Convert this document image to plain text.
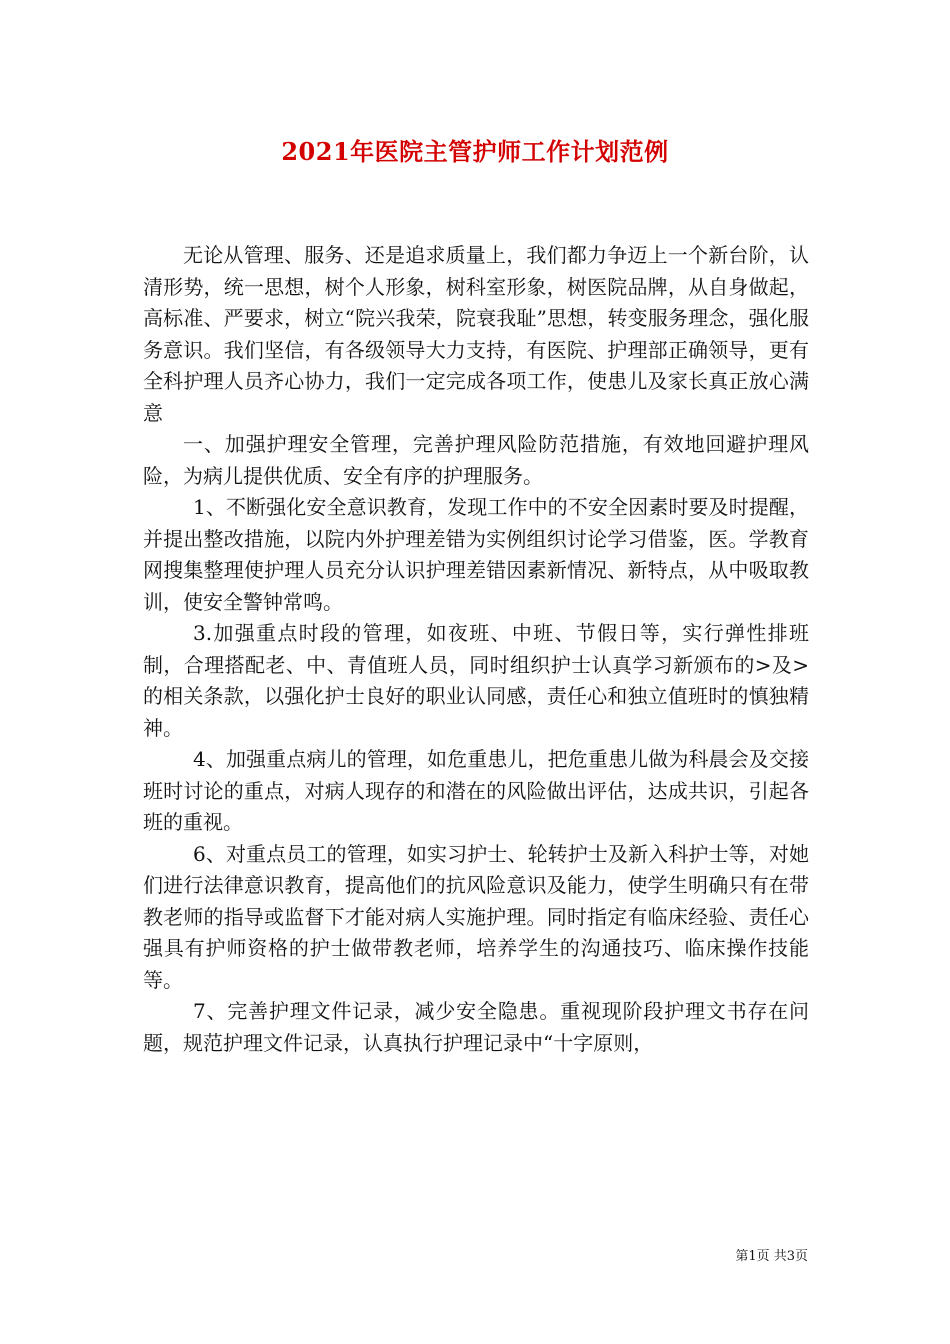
2021年医院主管护师工作计划范例

无论从管理、服务、还是追求质量上，我们都力争迈上一个新台阶，认清形势，统一思想，树个人形象，树科室形象，树医院品牌，从自身做起，高标准、严要求，树立“院兴我荣，院衰我耻”思想，转变服务理念，强化服务意识。我们坚信，有各级领导大力支持，有医院、护理部正确领导，更有全科护理人员齐心协力，我们一定完成各项工作，使患儿及家长真正放心满意

一、加强护理安全管理，完善护理风险防范措施，有效地回避护理风险，为病儿提供优质、安全有序的护理服务。

1、不断强化安全意识教育，发现工作中的不安全因素时要及时提醒，并提出整改措施，以院内外护理差错为实例组织讨论学习借鉴，医。学教育网搜集整理使护理人员充分认识护理差错因素新情况、新特点，从中吸取教训，使安全警钟常鸣。

3.加强重点时段的管理，如夜班、中班、节假日等，实行弹性排班制，合理搭配老、中、青值班人员，同时组织护士认真学习新颁布的>及>的相关条款，以强化护士良好的职业认同感，责任心和独立值班时的慎独精神。

4、加强重点病儿的管理，如危重患儿，把危重患儿做为科晨会及交接班时讨论的重点，对病人现存的和潜在的风险做出评估，达成共识，引起各班的重视。

6、对重点员工的管理，如实习护士、轮转护士及新入科护士等，对她们进行法律意识教育，提高他们的抗风险意识及能力，使学生明确只有在带教老师的指导或监督下才能对病人实施护理。同时指定有临床经验、责任心强具有护师资格的护士做带教老师，培养学生的沟通技巧、临床操作技能等。

7、完善护理文件记录，减少安全隐患。重视现阶段护理文书存在问题，规范护理文件记录，认真执行护理记录中“十字原则，

第1页 共3页
